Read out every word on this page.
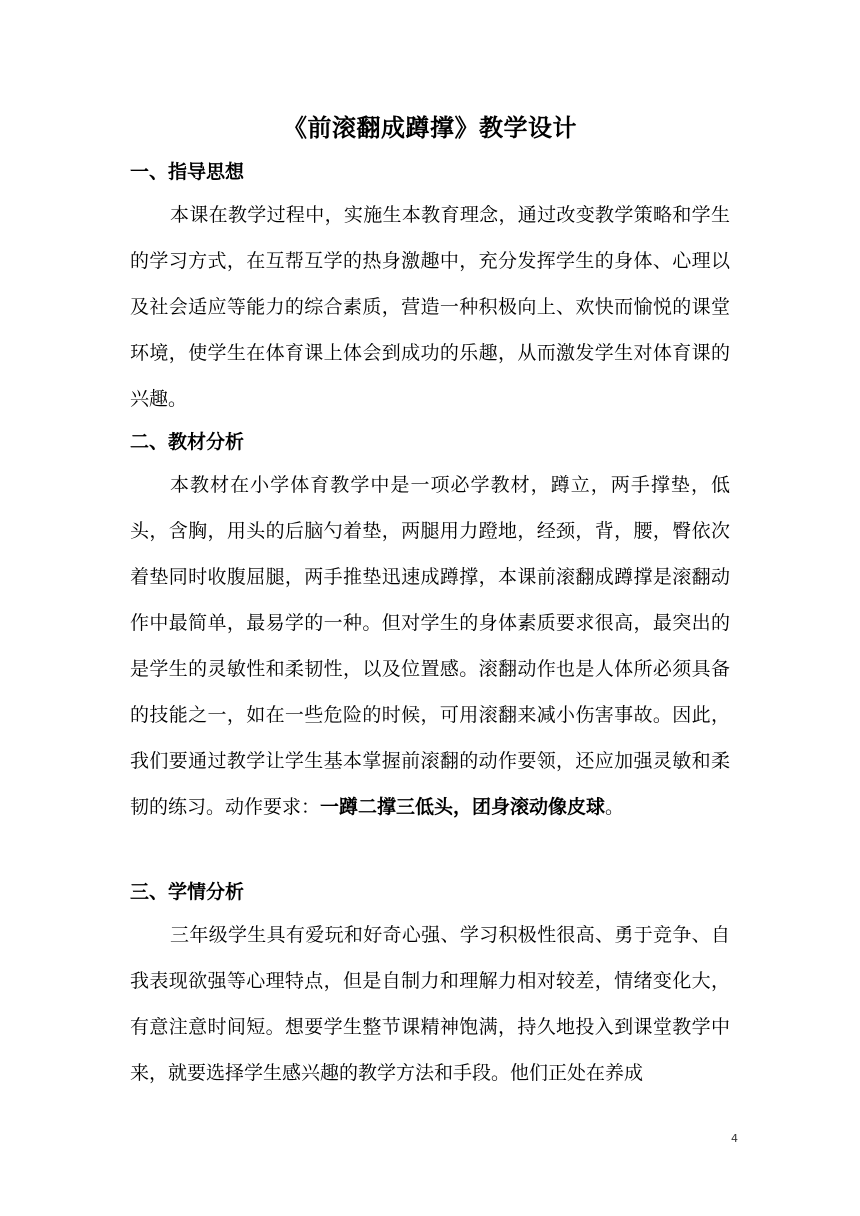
《前滚翻成蹲撑》教学设计
一、指导思想

本课在教学过程中，实施生本教育理念，通过改变教学策略和学生的学习方式，在互帮互学的热身激趣中，充分发挥学生的身体、心理以及社会适应等能力的综合素质，营造一种积极向上、欢快而愉悦的课堂环境，使学生在体育课上体会到成功的乐趣，从而激发学生对体育课的兴趣。

二、教材分析

本教材在小学体育教学中是一项必学教材，蹲立，两手撑垫，低头，含胸，用头的后脑勺着垫，两腿用力蹬地，经颈，背，腰，臀依次着垫同时收腹屈腿，两手推垫迅速成蹲撑，本课前滚翻成蹲撑是滚翻动作中最简单，最易学的一种。但对学生的身体素质要求很高，最突出的是学生的灵敏性和柔韧性，以及位置感。滚翻动作也是人体所必须具备的技能之一，如在一些危险的时候，可用滚翻来减小伤害事故。因此，我们要通过教学让学生基本掌握前滚翻的动作要领，还应加强灵敏和柔韧的练习。动作要求：一蹲二撑三低头，团身滚动像皮球。

三、学情分析

三年级学生具有爱玩和好奇心强、学习积极性很高、勇于竞争、自我表现欲强等心理特点，但是自制力和理解力相对较差，情绪变化大，有意注意时间短。想要学生整节课精神饱满，持久地投入到课堂教学中来，就要选择学生感兴趣的教学方法和手段。他们正处在养成

4
